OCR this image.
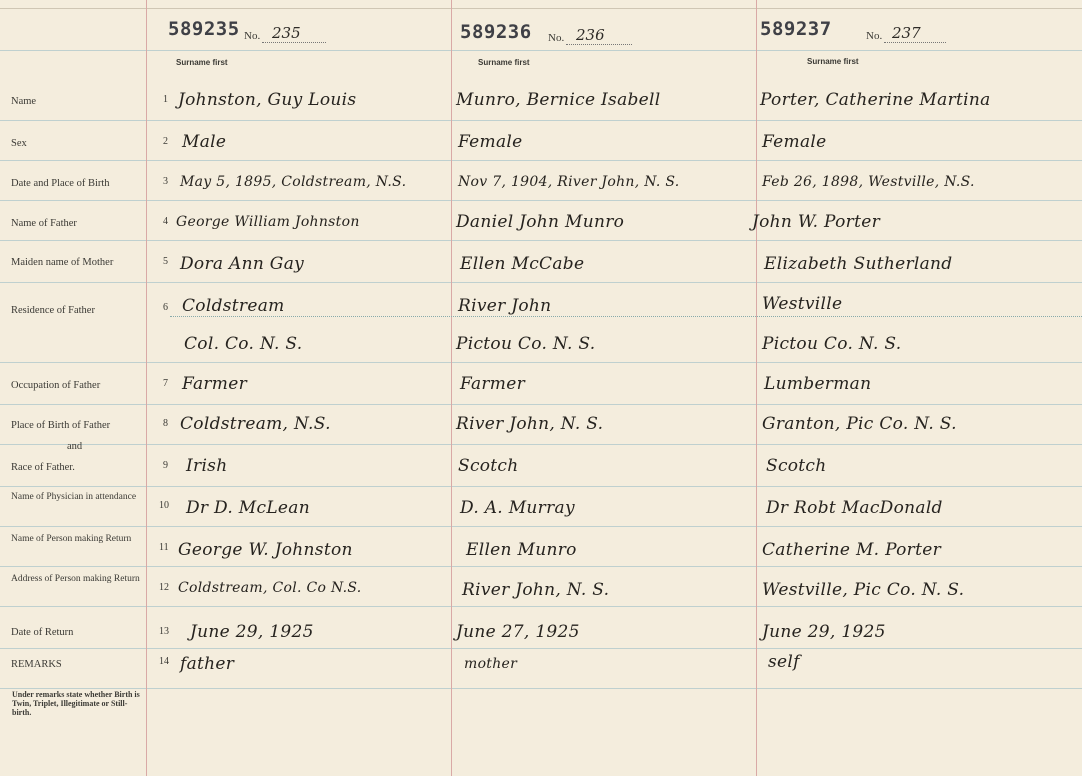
Name
Sex
Date and Place of Birth
Name of Father
Maiden name of Mother
Residence of Father
Occupation of Father
Place of Birth of Father
and
Race of Father.
Name of Physician in attendance
Name of Person making Return
Address of Person making Return
Date of Return
REMARKS
Under remarks state whether Birth is Twin, Triplet, Illegitimate or Still-birth.
1
2
3
4
5
6
7
8
9
10
11
12
13
14
589235 No. 235
Surname first
589236 No. 236
Surname first
589237	No. 237
Surname first
Johnston, Guy Louis
Male
May 5, 1895, Coldstream, N.S.
George William Johnston
Dora Ann Gay
Coldstream
Col. Co. N. S.
Farmer
Coldstream, N.S.
Irish
Dr D. McLean
George W. Johnston
Coldstream, Col. Co N.S.
June 29, 1925
father
Munro, Bernice Isabell
Female
Nov 7, 1904, River John, N. S.
Daniel John Munro
Ellen McCabe
River John
Pictou Co. N. S.
Farmer
River John, N. S.
Scotch
D. A. Murray
Ellen Munro
River John, N. S.
June 27, 1925
mother
Porter, Catherine Martina
Female
Feb 26, 1898, Westville, N.S.
John W. Porter
Elizabeth Sutherland
Westville
Pictou Co. N. S.
Lumberman
Granton, Pic Co. N. S.
Scotch
Dr Robt MacDonald
Catherine M. Porter
Westville, Pic Co. N. S.
June 29, 1925
self
